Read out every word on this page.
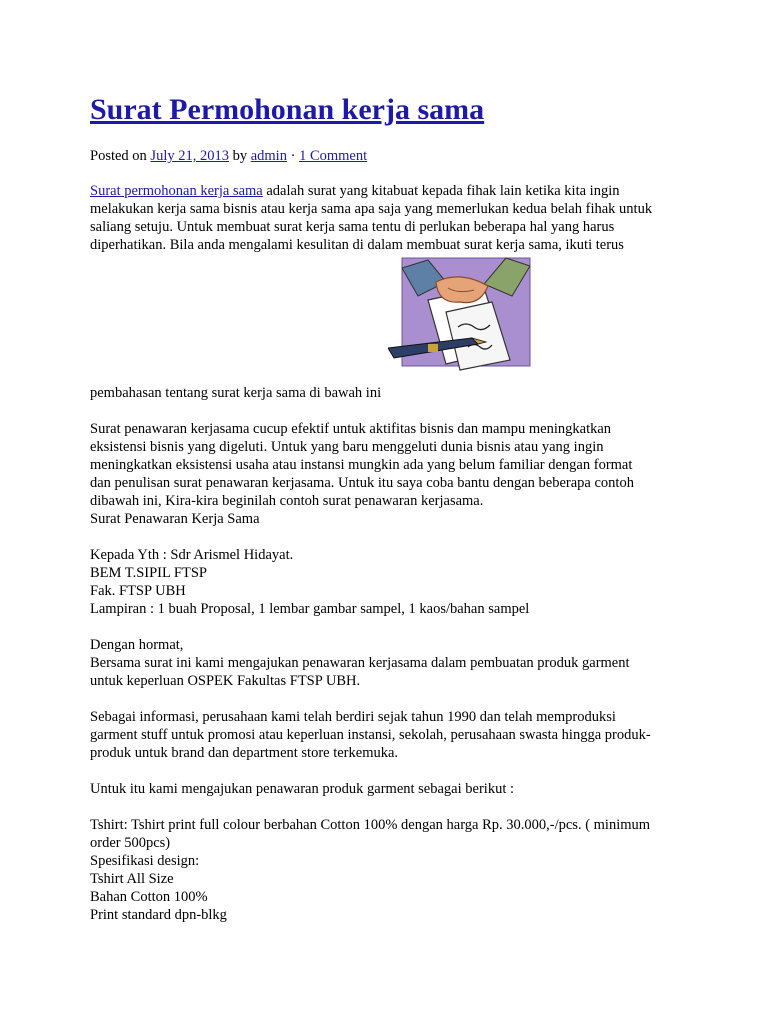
Surat Permohonan kerja sama
Posted on July 21, 2013 by admin · 1 Comment

Surat permohonan kerja sama adalah surat yang kitabuat kepada fihak lain ketika kita ingin

melakukan kerja sama bisnis atau kerja sama apa saja yang memerlukan kedua belah fihak untuk

saliang setuju. Untuk membuat surat kerja sama tentu di perlukan beberapa hal yang harus

diperhatikan. Bila anda mengalami kesulitan di dalam membuat surat kerja sama, ikuti terus

pembahasan tentang surat kerja sama di bawah ini

Surat penawaran kerjasama cucup efektif untuk aktifitas bisnis dan mampu meningkatkan

eksistensi bisnis yang digeluti. Untuk yang baru menggeluti dunia bisnis atau yang ingin

meningkatkan eksistensi usaha atau instansi mungkin ada yang belum familiar dengan format

dan penulisan surat penawaran kerjasama. Untuk itu saya coba bantu dengan beberapa contoh

dibawah ini, Kira-kira beginilah contoh surat penawaran kerjasama.

Surat Penawaran Kerja Sama

Kepada Yth : Sdr Arismel Hidayat.

BEM T.SIPIL FTSP

Fak. FTSP UBH

Lampiran : 1 buah Proposal, 1 lembar gambar sampel, 1 kaos/bahan sampel

Dengan hormat,

Bersama surat ini kami mengajukan penawaran kerjasama dalam pembuatan produk garment

untuk keperluan OSPEK Fakultas FTSP UBH.

Sebagai informasi, perusahaan kami telah berdiri sejak tahun 1990 dan telah memproduksi

garment stuff untuk promosi atau keperluan instansi, sekolah, perusahaan swasta hingga produk-

produk untuk brand dan department store terkemuka.

Untuk itu kami mengajukan penawaran produk garment sebagai berikut :

Tshirt: Tshirt print full colour berbahan Cotton 100% dengan harga Rp. 30.000,-/pcs. ( minimum

order 500pcs)

Spesifikasi design:

Tshirt All Size

Bahan Cotton 100%

Print standard dpn-blkg
